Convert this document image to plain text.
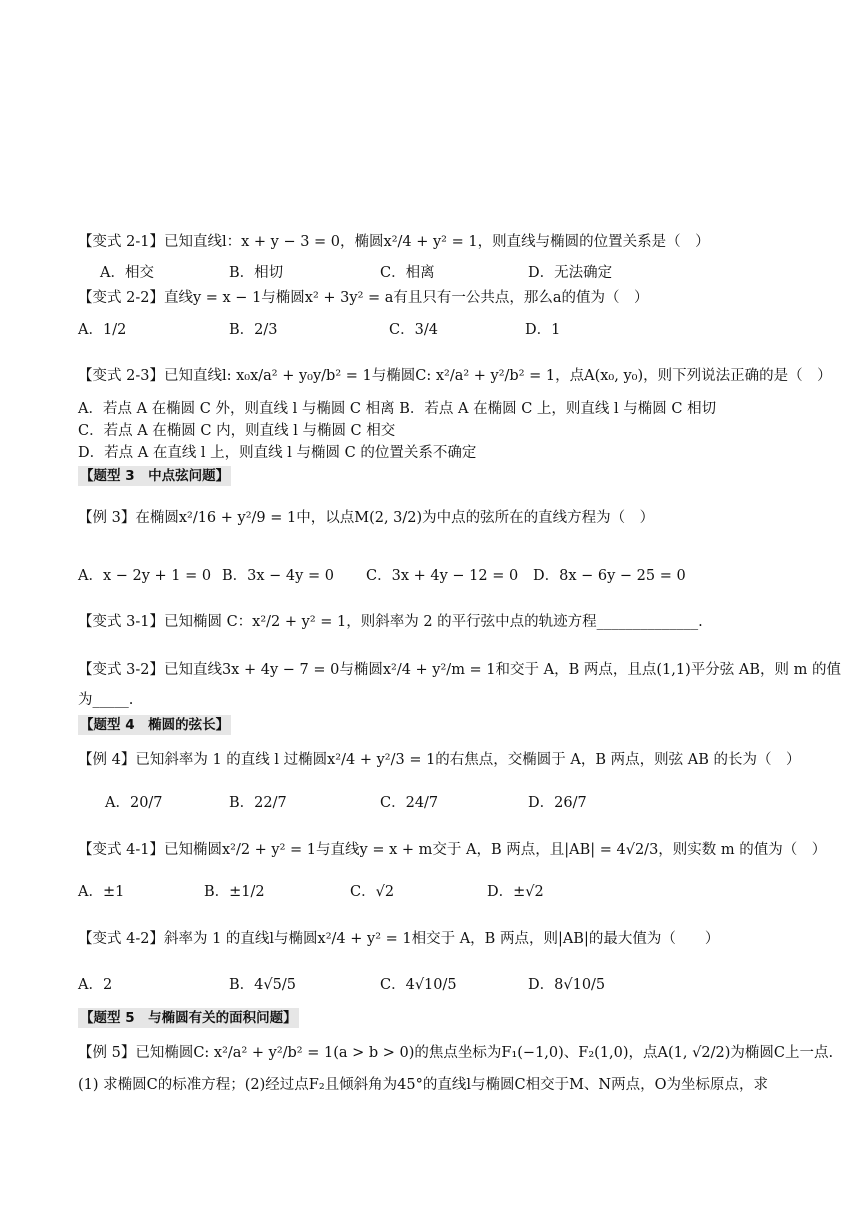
【变式 2-1】已知直线l：x + y − 3 = 0，椭圆x²/4 + y² = 1，则直线与椭圆的位置关系是（　）
A．相交	B．相切	C．相离	D．无法确定
【变式 2-2】直线y = x − 1与椭圆x² + 3y² = a有且只有一公共点，那么a的值为（　）
A．1/2	B．2/3	C．3/4	D．1
【变式 2-3】已知直线l: x₀x/a² + y₀y/b² = 1与椭圆C: x²/a² + y²/b² = 1，点A(x₀, y₀)，则下列说法正确的是（　）
A．若点 A 在椭圆 C 外，则直线 l 与椭圆 C 相离 B．若点 A 在椭圆 C 上，则直线 l 与椭圆 C 相切
C．若点 A 在椭圆 C 内，则直线 l 与椭圆 C 相交
D．若点 A 在直线 l 上，则直线 l 与椭圆 C 的位置关系不确定
【题型 3　中点弦问题】
【例 3】在椭圆x²/16 + y²/9 = 1中，以点M(2, 3/2)为中点的弦所在的直线方程为（　）
A．x − 2y + 1 = 0 B．3x − 4y = 0 C．3x + 4y − 12 = 0 D．8x − 6y − 25 = 0
【变式 3-1】已知椭圆 C：x²/2 + y² = 1，则斜率为 2 的平行弦中点的轨迹方程______________.
【变式 3-2】已知直线3x + 4y − 7 = 0与椭圆x²/4 + y²/m = 1和交于 A，B 两点，且点(1,1)平分弦 AB，则 m 的值
为_____.
【题型 4　椭圆的弦长】
【例 4】已知斜率为 1 的直线 l 过椭圆x²/4 + y²/3 = 1的右焦点，交椭圆于 A，B 两点，则弦 AB 的长为（　）
A．20/7	B．22/7	C．24/7	D．26/7
【变式 4-1】已知椭圆x²/2 + y² = 1与直线y = x + m交于 A，B 两点，且|AB| = 4√2/3，则实数 m 的值为（　）
A．±1	B．±1/2	C．√2	D．±√2
【变式 4-2】斜率为 1 的直线l与椭圆x²/4 + y² = 1相交于 A，B 两点，则|AB|的最大值为（　　）
A．2	B．4√5/5	C．4√10/5	D．8√10/5
【题型 5　与椭圆有关的面积问题】
【例 5】已知椭圆C: x²/a² + y²/b² = 1(a > b > 0)的焦点坐标为F₁(−1,0)、F₂(1,0)，点A(1, √2/2)为椭圆C上一点.
(1) 求椭圆C的标准方程；(2)经过点F₂且倾斜角为45°的直线l与椭圆C相交于M、N两点，O为坐标原点，求
